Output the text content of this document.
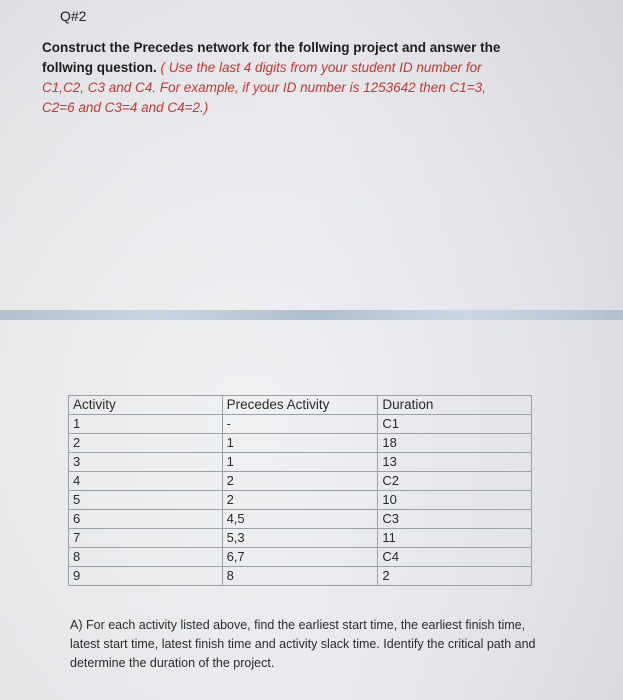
Q#2
Construct the Precedes network for the follwing project and answer the follwing question. ( Use the last 4 digits from your student ID number for C1,C2, C3 and C4. For example, if your ID number is 1253642 then C1=3, C2=6 and C3=4 and C4=2.)
Activity	Precedes Activity	Duration
1	-	C1
2	1	18
3	1	13
4	2	C2
5	2	10
6	4,5	C3
7	5,3	11
8	6,7	C4
9	8	2
A) For each activity listed above, find the earliest start time, the earliest finish time, latest start time, latest finish time and activity slack time. Identify the critical path and determine the duration of the project.
